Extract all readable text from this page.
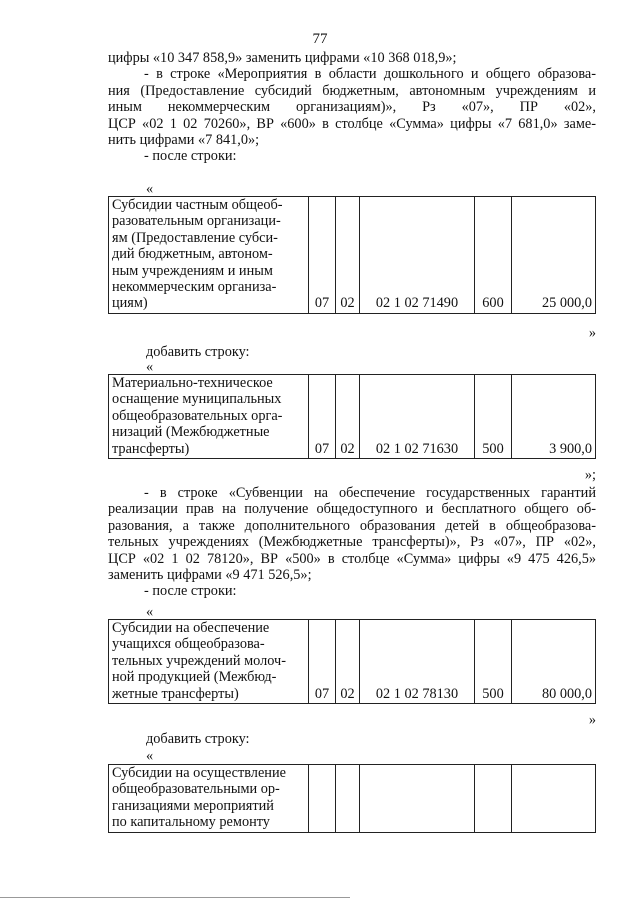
77
цифры «10 347 858,9» заменить цифрами «10 368 018,9»;
- в строке «Мероприятия в области дошкольного и общего образова-
ния (Предоставление субсидий бюджетным, автономным учреждениям и
иным некоммерческим организациям)», Рз «07», ПР «02»,
ЦСР «02 1 02 70260», ВР «600» в столбце «Сумма» цифры «7 681,0» заме-
нить цифрами «7 841,0»;
- после строки:
«
Субсидии частным общеоб-
разовательным организаци-
ям (Предоставление субси-
дий бюджетным, автоном-
ным учреждениям и иным
некоммерческим организа-
циям)	07	02	02 1 02 71490	600	25 000,0
»
добавить строку:
«
Материально-техническое
оснащение муниципальных
общеобразовательных орга-
низаций (Межбюджетные
трансферты)	07	02	02 1 02 71630	500	3 900,0
»;
- в строке «Субвенции на обеспечение государственных гарантий
реализации прав на получение общедоступного и бесплатного общего об-
разования, а также дополнительного образования детей в общеобразова-
тельных учреждениях (Межбюджетные трансферты)», Рз «07», ПР «02»,
ЦСР «02 1 02 78120», ВР «500» в столбце «Сумма» цифры «9 475 426,5»
заменить цифрами «9 471 526,5»;
- после строки:
«
Субсидии на обеспечение
учащихся общеобразова-
тельных учреждений молоч-
ной продукцией (Межбюд-
жетные трансферты)	07	02	02 1 02 78130	500	80 000,0
»
добавить строку:
«
Субсидии на осуществление
общеобразовательными ор-
ганизациями мероприятий
по капитальному ремонту
